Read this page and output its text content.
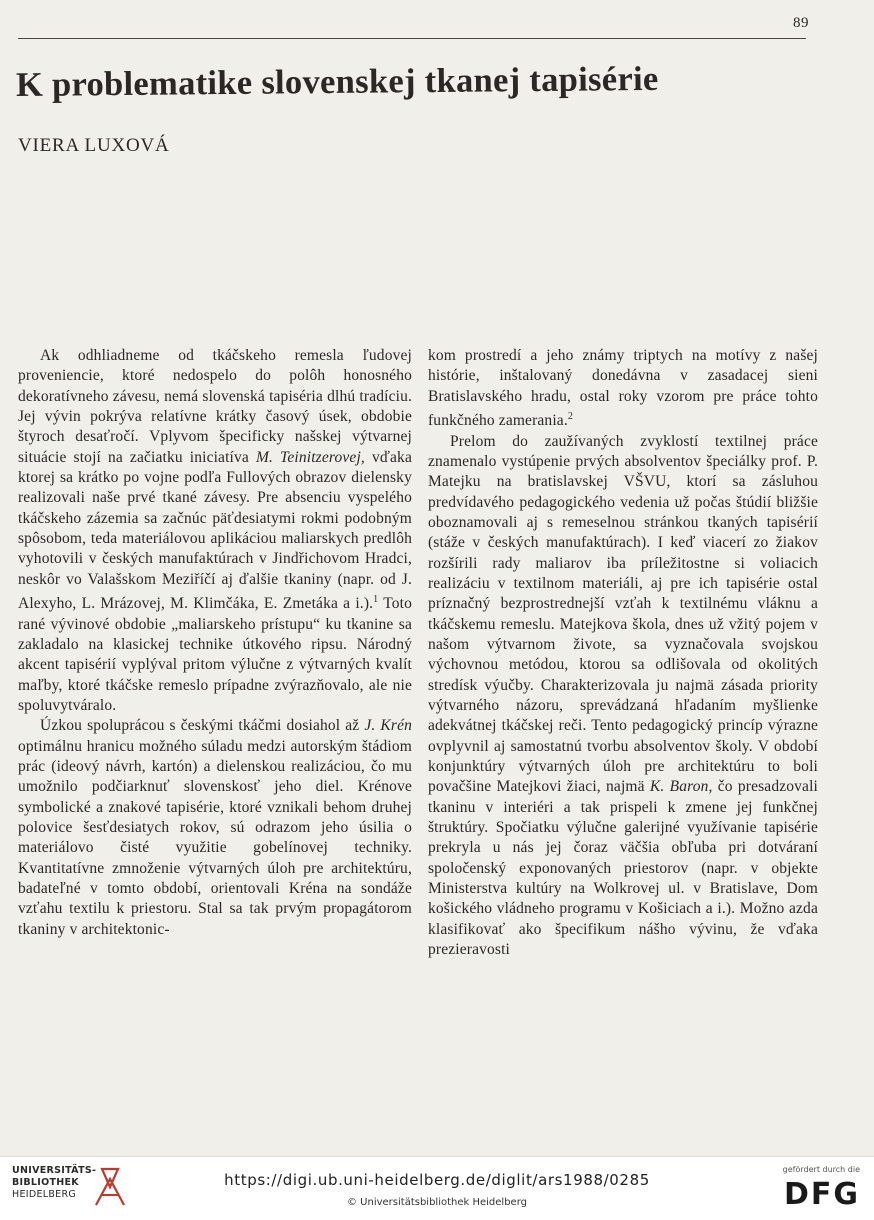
89
K problematike slovenskej tkanej tapisérie
VIERA LUXOVÁ

Ak odhliadneme od tkáčskeho remesla ľudovej proveniencie, ktoré nedospelo do polôh honosného dekoratívneho závesu, nemá slovenská tapiséria dlhú tradíciu. Jej vývin pokrýva relatívne krátky časový úsek, obdobie štyroch desaťročí. Vplyvom špecificky našskej výtvarnej situácie stojí na začiatku iniciatíva M. Teinitzerovej, vďaka ktorej sa krátko po vojne podľa Fullových obrazov dielensky realizovali naše prvé tkané závesy. Pre absenciu vyspelého tkáčskeho zázemia sa začnúc päťdesiatymi rokmi podobným spôsobom, teda materiálovou aplikáciou maliarskych predlôh vyhotovili v českých manufaktúrach v Jindřichovom Hradci, neskôr vo Valašskom Meziříčí aj ďalšie tkaniny (napr. od J. Alexyho, L. Mrázovej, M. Klimčáka, E. Zmetáka a i.).$^1$ Toto rané vývinové obdobie „maliarskeho prístupu“ ku tkanine sa zakladalo na klasickej technike útkového ripsu. Národný akcent tapisérií vyplýval pritom výlučne z výtvarných kvalít maľby, ktoré tkáčske remeslo prípadne zvýrazňovalo, ale nie spoluvytváralo.

Úzkou spoluprácou s českými tkáčmi dosiahol až J. Krén optimálnu hranicu možného súladu medzi autorským štádiom prác (ideový návrh, kartón) a dielenskou realizáciou, čo mu umožnilo podčiarknuť slovenskosť jeho diel. Krénove symbolické a znakové tapisérie, ktoré vznikali behom druhej polovice šesťdesiatych rokov, sú odrazom jeho úsilia o materiálovo čisté využitie gobelínovej techniky. Kvantitatívne zmnoženie výtvarných úloh pre architektúru, badateľné v tomto období, orientovali Kréna na sondáže vzťahu textilu k priestoru. Stal sa tak prvým propagátorom tkaniny v architektonic-

kom prostredí a jeho známy triptych na motívy z našej histórie, inštalovaný donedávna v zasadacej sieni Bratislavského hradu, ostal roky vzorom pre práce tohto funkčného zamerania.$^2$

Prelom do zaužívaných zvyklostí textilnej práce znamenalo vystúpenie prvých absolventov špeciálky prof. P. Matejku na bratislavskej VŠVU, ktorí sa zásluhou predvídavého pedagogického vedenia už počas štúdií bližšie oboznamovali aj s remeselnou stránkou tkaných tapisérií (stáže v českých manufaktúrach). I keď viacerí zo žiakov rozšírili rady maliarov iba príležitostne si voliacich realizáciu v textilnom materiáli, aj pre ich tapisérie ostal príznačný bezprostrednejší vzťah k textilnému vláknu a tkáčskemu remeslu. Matejkova škola, dnes už vžitý pojem v našom výtvarnom živote, sa vyznačovala svojskou výchovnou metódou, ktorou sa odlišovala od okolitých stredísk výučby. Charakterizovala ju najmä zásada priority výtvarného názoru, sprevádzaná hľadaním myšlienke adekvátnej tkáčskej reči. Tento pedagogický princíp výrazne ovplyvnil aj samostatnú tvorbu absolventov školy. V období konjunktúry výtvarných úloh pre architektúru to boli povačšine Matejkovi žiaci, najmä K. Baron, čo presadzovali tkaninu v interiéri a tak prispeli k zmene jej funkčnej štruktúry. Spočiatku výlučne galerijné využívanie tapisérie prekryla u nás jej čoraz väčšia obľuba pri dotváraní spoločenský exponovaných priestorov (napr. v objekte Ministerstva kultúry na Wolkrovej ul. v Bratislave, Dom košického vládneho programu v Košiciach a i.). Možno azda klasifikovať ako špecifikum nášho vývinu, že vďaka prezieravosti

UNIVERSITÄTS-
BIBLIOTHEK
HEIDELBERG
https://digi.ub.uni-heidelberg.de/diglit/ars1988/0285
© Universitätsbibliothek Heidelberg
gefördert durch die
DFG
